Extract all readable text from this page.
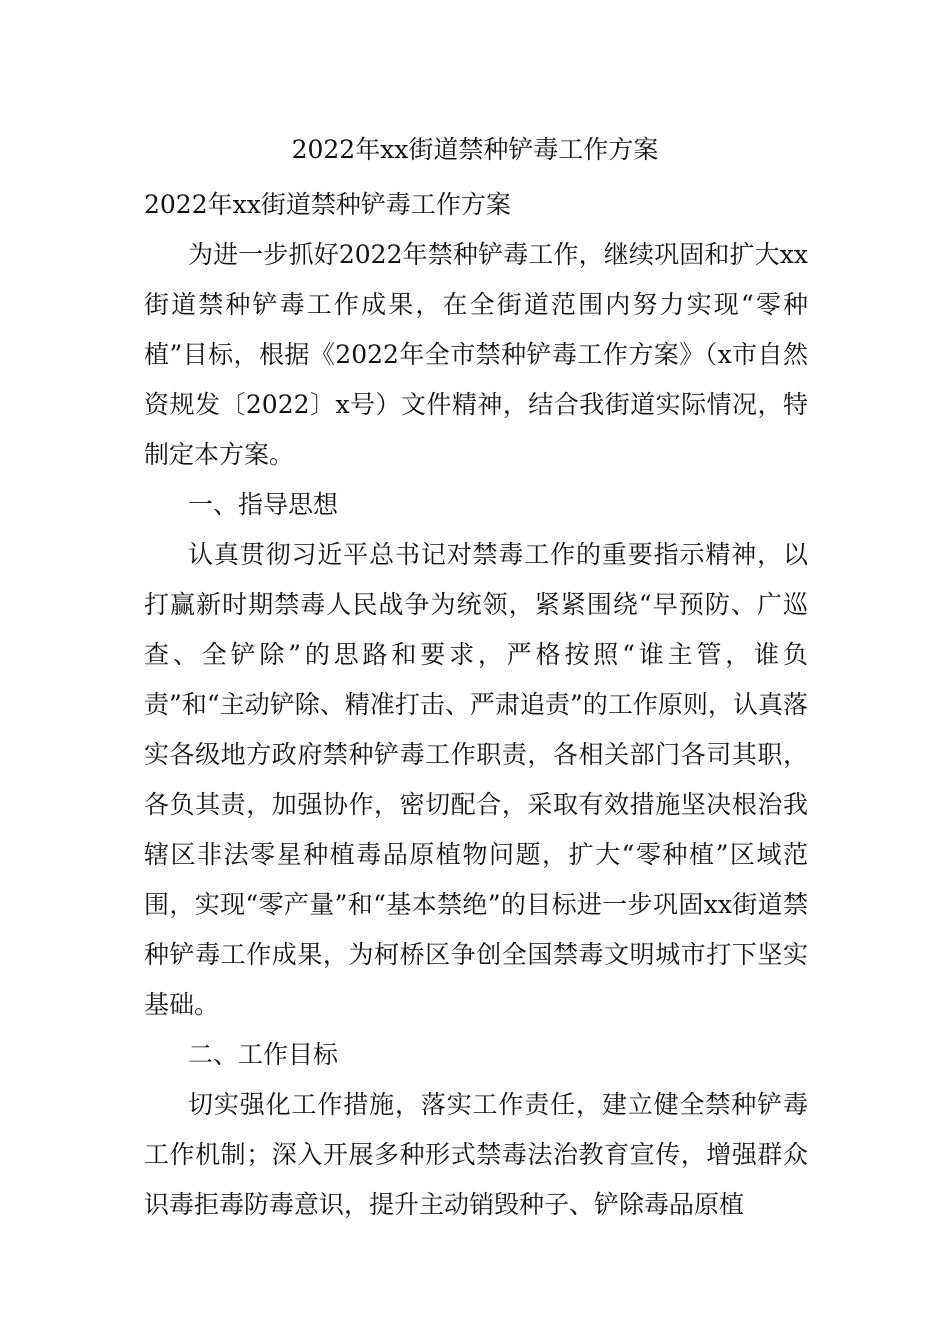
2022年xx街道禁种铲毒工作方案

2022年xx街道禁种铲毒工作方案

为进一步抓好2022年禁种铲毒工作，继续巩固和扩大xx街道禁种铲毒工作成果，在全街道范围内努力实现“零种植”目标，根据《2022年全市禁种铲毒工作方案》（x市自然资规发〔2022〕x号）文件精神，结合我街道实际情况，特制定本方案。

一、指导思想

认真贯彻习近平总书记对禁毒工作的重要指示精神，以打赢新时期禁毒人民战争为统领，紧紧围绕“早预防、广巡查、全铲除”的思路和要求，严格按照“谁主管，谁负责”和“主动铲除、精准打击、严肃追责”的工作原则，认真落实各级地方政府禁种铲毒工作职责，各相关部门各司其职，各负其责，加强协作，密切配合，采取有效措施坚决根治我辖区非法零星种植毒品原植物问题，扩大“零种植”区域范围，实现“零产量”和“基本禁绝”的目标进一步巩固xx街道禁种铲毒工作成果，为柯桥区争创全国禁毒文明城市打下坚实基础。

二、工作目标

切实强化工作措施，落实工作责任，建立健全禁种铲毒工作机制；深入开展多种形式禁毒法治教育宣传，增强群众识毒拒毒防毒意识，提升主动销毁种子、铲除毒品原植
